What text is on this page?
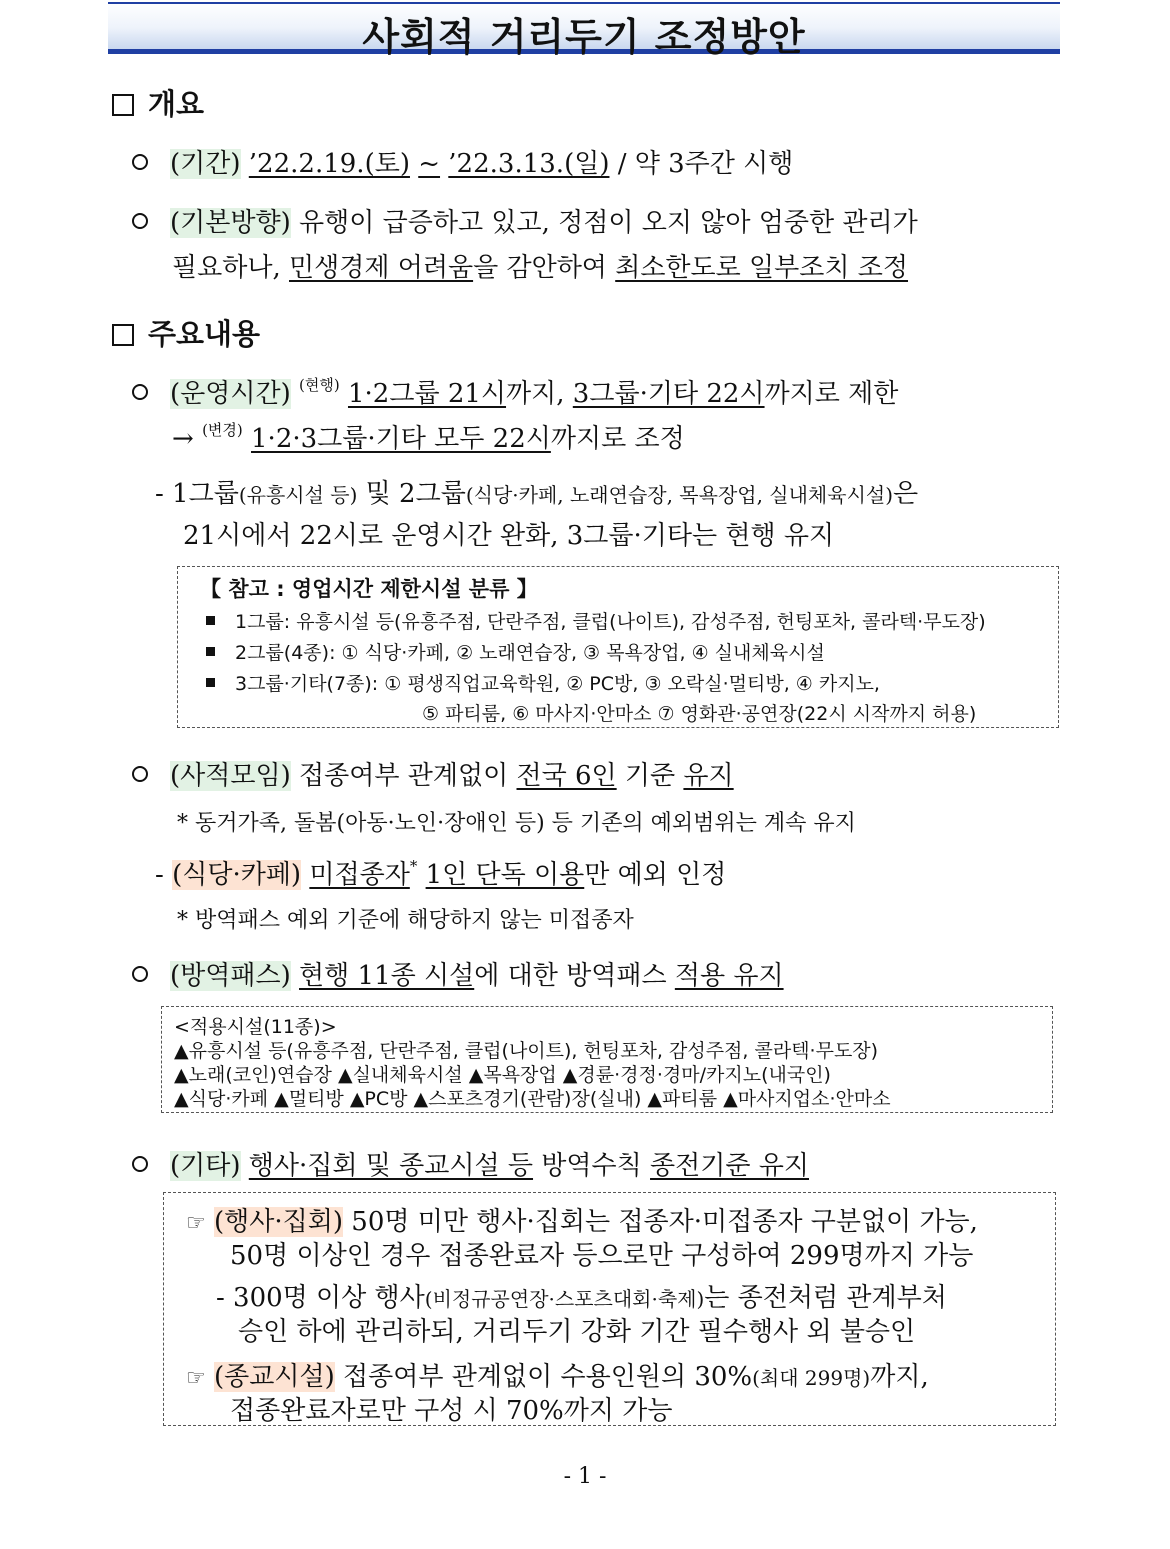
사회적 거리두기 조정방안
개요
(기간) ’22.2.19.(토) ~ ’22.3.13.(일) / 약 3주간 시행
(기본방향) 유행이 급증하고 있고, 정점이 오지 않아 엄중한 관리가
필요하나, 민생경제 어려움을 감안하여 최소한도로 일부조치 조정
주요내용
(운영시간) $^{(현행)}$ 1·2그룹 21시까지, 3그룹·기타 22시까지로 제한
→ $^{(변경)}$ 1·2·3그룹·기타 모두 22시까지로 조정
- 1그룹(유흥시설 등) 및 2그룹(식당·카페, 노래연습장, 목욕장업, 실내체육시설)은
21시에서 22시로 운영시간 완화, 3그룹·기타는 현행 유지
【 참고 : 영업시간 제한시설 분류 】
1그룹: 유흥시설 등(유흥주점, 단란주점, 클럽(나이트), 감성주점, 헌팅포차, 콜라텍·무도장)
2그룹(4종): ① 식당·카페, ② 노래연습장, ③ 목욕장업, ④ 실내체육시설
3그룹·기타(7종): ① 평생직업교육학원, ② PC방, ③ 오락실·멀티방, ④ 카지노,
⑤ 파티룸, ⑥ 마사지·안마소 ⑦ 영화관·공연장(22시 시작까지 허용)
(사적모임) 접종여부 관계없이 전국 6인 기준 유지
* 동거가족, 돌봄(아동·노인·장애인 등) 등 기존의 예외범위는 계속 유지
- (식당·카페) 미접종자* 1인 단독 이용만 예외 인정
* 방역패스 예외 기준에 해당하지 않는 미접종자
(방역패스) 현행 11종 시설에 대한 방역패스 적용 유지
<적용시설(11종)>
▲유흥시설 등(유흥주점, 단란주점, 클럽(나이트), 헌팅포차, 감성주점, 콜라텍·무도장)
▲노래(코인)연습장 ▲실내체육시설 ▲목욕장업 ▲경륜·경정·경마/카지노(내국인)
▲식당·카페 ▲멀티방 ▲PC방 ▲스포츠경기(관람)장(실내) ▲파티룸 ▲마사지업소·안마소
(기타) 행사·집회 및 종교시설 등 방역수칙 종전기준 유지
☞ (행사·집회) 50명 미만 행사·집회는 접종자·미접종자 구분없이 가능,
50명 이상인 경우 접종완료자 등으로만 구성하여 299명까지 가능
- 300명 이상 행사(비정규공연장·스포츠대회·축제)는 종전처럼 관계부처
승인 하에 관리하되, 거리두기 강화 기간 필수행사 외 불승인
☞ (종교시설) 접종여부 관계없이 수용인원의 30%(최대 299명)까지,
접종완료자로만 구성 시 70%까지 가능
- 1 -
